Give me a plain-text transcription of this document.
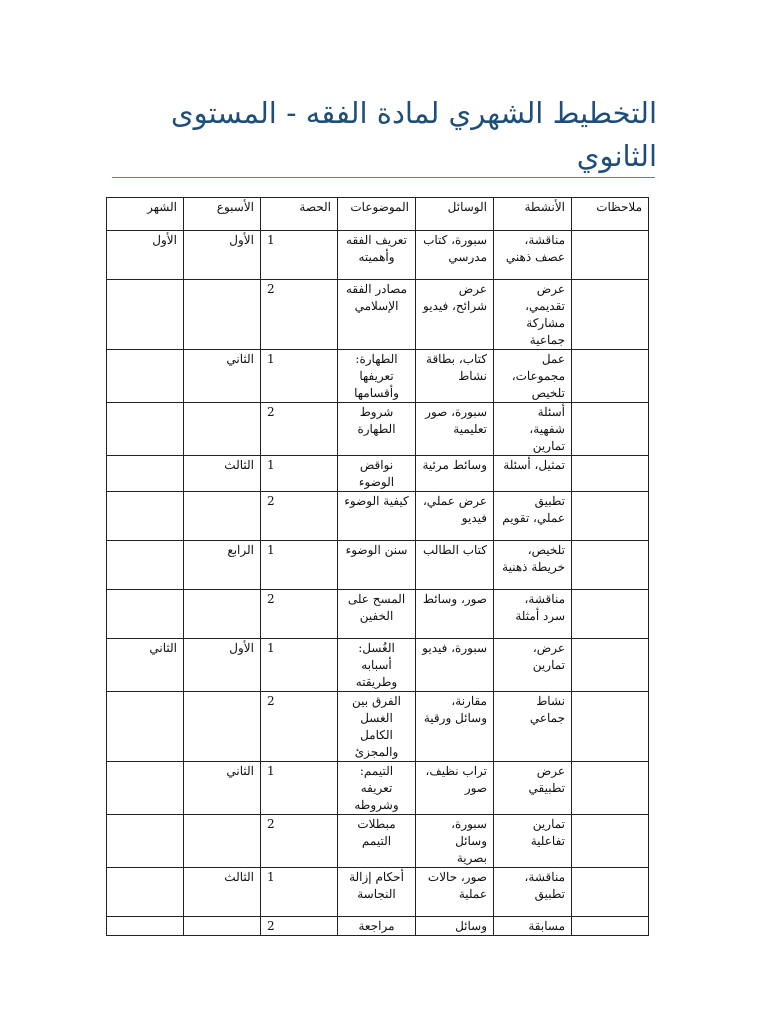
التخطيط الشهري لمادة الفقه - المستوى الثانوي
الشهر	الأسبوع	الحصة	الموضوعات	الوسائل	الأنشطة	ملاحظات
الأول	الأول	1	تعريف الفقه وأهميته	سبورة، كتاب مدرسي	مناقشة، عصف ذهني	
		2	مصادر الفقه الإسلامي	عرض شرائح، فيديو	عرض تقديمي، مشاركة جماعية	
	الثاني	1	الطهارة: تعريفها وأقسامها	كتاب، بطاقة نشاط	عمل مجموعات، تلخيص	
		2	شروط الطهارة	سبورة، صور تعليمية	أسئلة شفهية، تمارين	
	الثالث	1	نواقض الوضوء	وسائط مرئية	تمثيل، أسئلة	
		2	كيفية الوضوء	عرض عملي، فيديو	تطبيق عملي، تقويم	
	الرابع	1	سنن الوضوء	كتاب الطالب	تلخيص، خريطة ذهنية	
		2	المسح على الخفين	صور، وسائط	مناقشة، سرد أمثلة	
الثاني	الأول	1	الغُسل: أسبابه وطريقته	سبورة، فيديو	عرض، تمارين	
		2	الفرق بين الغسل الكامل والمجزئ	مقارنة، وسائل ورقية	نشاط جماعي	
	الثاني	1	التيمم: تعريفه وشروطه	تراب نظيف، صور	عرض تطبيقي	
		2	مبطلات التيمم	سبورة، وسائل بصرية	تمارين تفاعلية	
	الثالث	1	أحكام إزالة النجاسة	صور، حالات عملية	مناقشة، تطبيق	
		2	مراجعة	وسائل	مسابقة	
